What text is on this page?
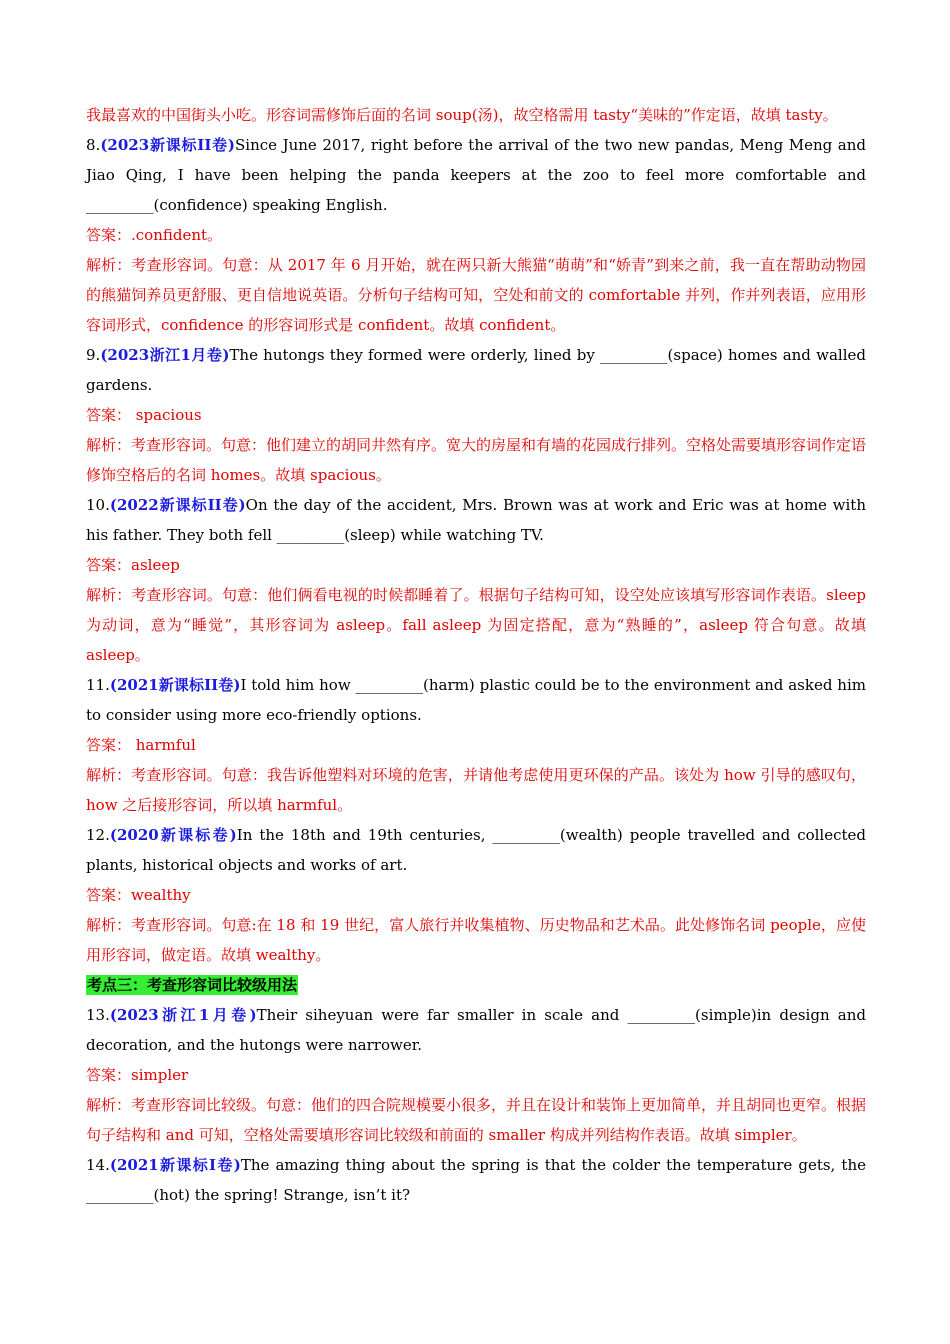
我最喜欢的中国街头小吃。形容词需修饰后面的名词 soup(汤)，故空格需用 tasty“美味的”作定语，故填 tasty。

8.(2023新课标II卷)Since June 2017, right before the arrival of the two new pandas, Meng Meng and Jiao Qing, I have been helping the panda keepers at the zoo to feel more comfortable and _________(confidence) speaking English.

答案：.confident。

解析：考查形容词。句意：从 2017 年 6 月开始，就在两只新大熊猫“萌萌”和“娇青”到来之前，我一直在帮助动物园的熊猫饲养员更舒服、更自信地说英语。分析句子结构可知，空处和前文的 comfortable 并列，作并列表语，应用形容词形式，confidence 的形容词形式是 confident。故填 confident。

9.(2023浙江1月卷)The hutongs they formed were orderly, lined by _________(space) homes and walled gardens.

答案： spacious

解析：考查形容词。句意：他们建立的胡同井然有序。宽大的房屋和有墙的花园成行排列。空格处需要填形容词作定语修饰空格后的名词 homes。故填 spacious。

10.(2022新课标II卷)On the day of the accident, Mrs. Brown was at work and Eric was at home with his father. They both fell _________(sleep) while watching TV.

答案：asleep

解析：考查形容词。句意：他们俩看电视的时候都睡着了。根据句子结构可知，设空处应该填写形容词作表语。sleep 为动词，意为“睡觉”，其形容词为 asleep。fall asleep 为固定搭配，意为“熟睡的”，asleep 符合句意。故填 asleep。

11.(2021新课标II卷)I told him how _________(harm) plastic could be to the environment and asked him to consider using more eco-friendly options.

答案： harmful

解析：考查形容词。句意：我告诉他塑料对环境的危害，并请他考虑使用更环保的产品。该处为 how 引导的感叹句，how 之后接形容词，所以填 harmful。

12.(2020新课标卷)In the 18th and 19th centuries, _________(wealth) people travelled and collected plants, historical objects and works of art.

答案：wealthy

解析：考查形容词。句意:在 18 和 19 世纪，富人旅行并收集植物、历史物品和艺术品。此处修饰名词 people，应使用形容词，做定语。故填 wealthy。

考点三：考查形容词比较级用法

13.(2023浙江1月卷)Their siheyuan were far smaller in scale and _________(simple)in design and decoration, and the hutongs were narrower.

答案：simpler

解析：考查形容词比较级。句意：他们的四合院规模要小很多，并且在设计和装饰上更加简单，并且胡同也更窄。根据句子结构和 and 可知，空格处需要填形容词比较级和前面的 smaller 构成并列结构作表语。故填 simpler。

14.(2021新课标I卷)The amazing thing about the spring is that the colder the temperature gets, the _________(hot) the spring! Strange, isn’t it?
